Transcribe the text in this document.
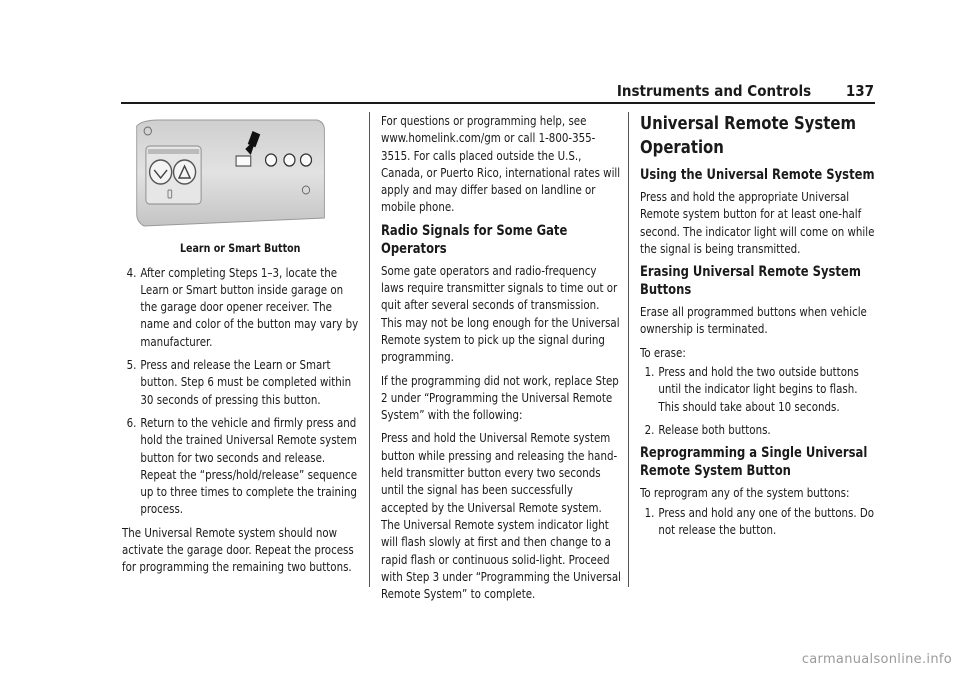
Instruments and Controls 137

Learn or Smart Button

4. After completing Steps 1–3, locate the Learn or Smart button inside garage on the garage door opener receiver. The name and color of the button may vary by manufacturer.
5. Press and release the Learn or Smart button. Step 6 must be completed within 30 seconds of pressing this button.
6. Return to the vehicle and firmly press and hold the trained Universal Remote system button for two seconds and release. Repeat the “press/hold/release” sequence up to three times to complete the training process.

The Universal Remote system should now activate the garage door. Repeat the process for programming the remaining two buttons.

For questions or programming help, see www.homelink.com/gm or call 1-800-355-3515. For calls placed outside the U.S., Canada, or Puerto Rico, international rates will apply and may differ based on landline or mobile phone.

Radio Signals for Some Gate Operators

Some gate operators and radio-frequency laws require transmitter signals to time out or quit after several seconds of transmission. This may not be long enough for the Universal Remote system to pick up the signal during programming.

If the programming did not work, replace Step 2 under “Programming the Universal Remote System” with the following:

Press and hold the Universal Remote system button while pressing and releasing the hand-held transmitter button every two seconds until the signal has been successfully accepted by the Universal Remote system. The Universal Remote system indicator light will flash slowly at first and then change to a rapid flash or continuous solid-light. Proceed with Step 3 under “Programming the Universal Remote System” to complete.

Universal Remote System Operation
Using the Universal Remote System

Press and hold the appropriate Universal Remote system button for at least one-half second. The indicator light will come on while the signal is being transmitted.

Erasing Universal Remote System Buttons

Erase all programmed buttons when vehicle ownership is terminated.

To erase:

1. Press and hold the two outside buttons until the indicator light begins to flash. This should take about 10 seconds.
2. Release both buttons.
Reprogramming a Single Universal Remote System Button

To reprogram any of the system buttons:

1. Press and hold any one of the buttons. Do not release the button.
carmanualsonline.info
